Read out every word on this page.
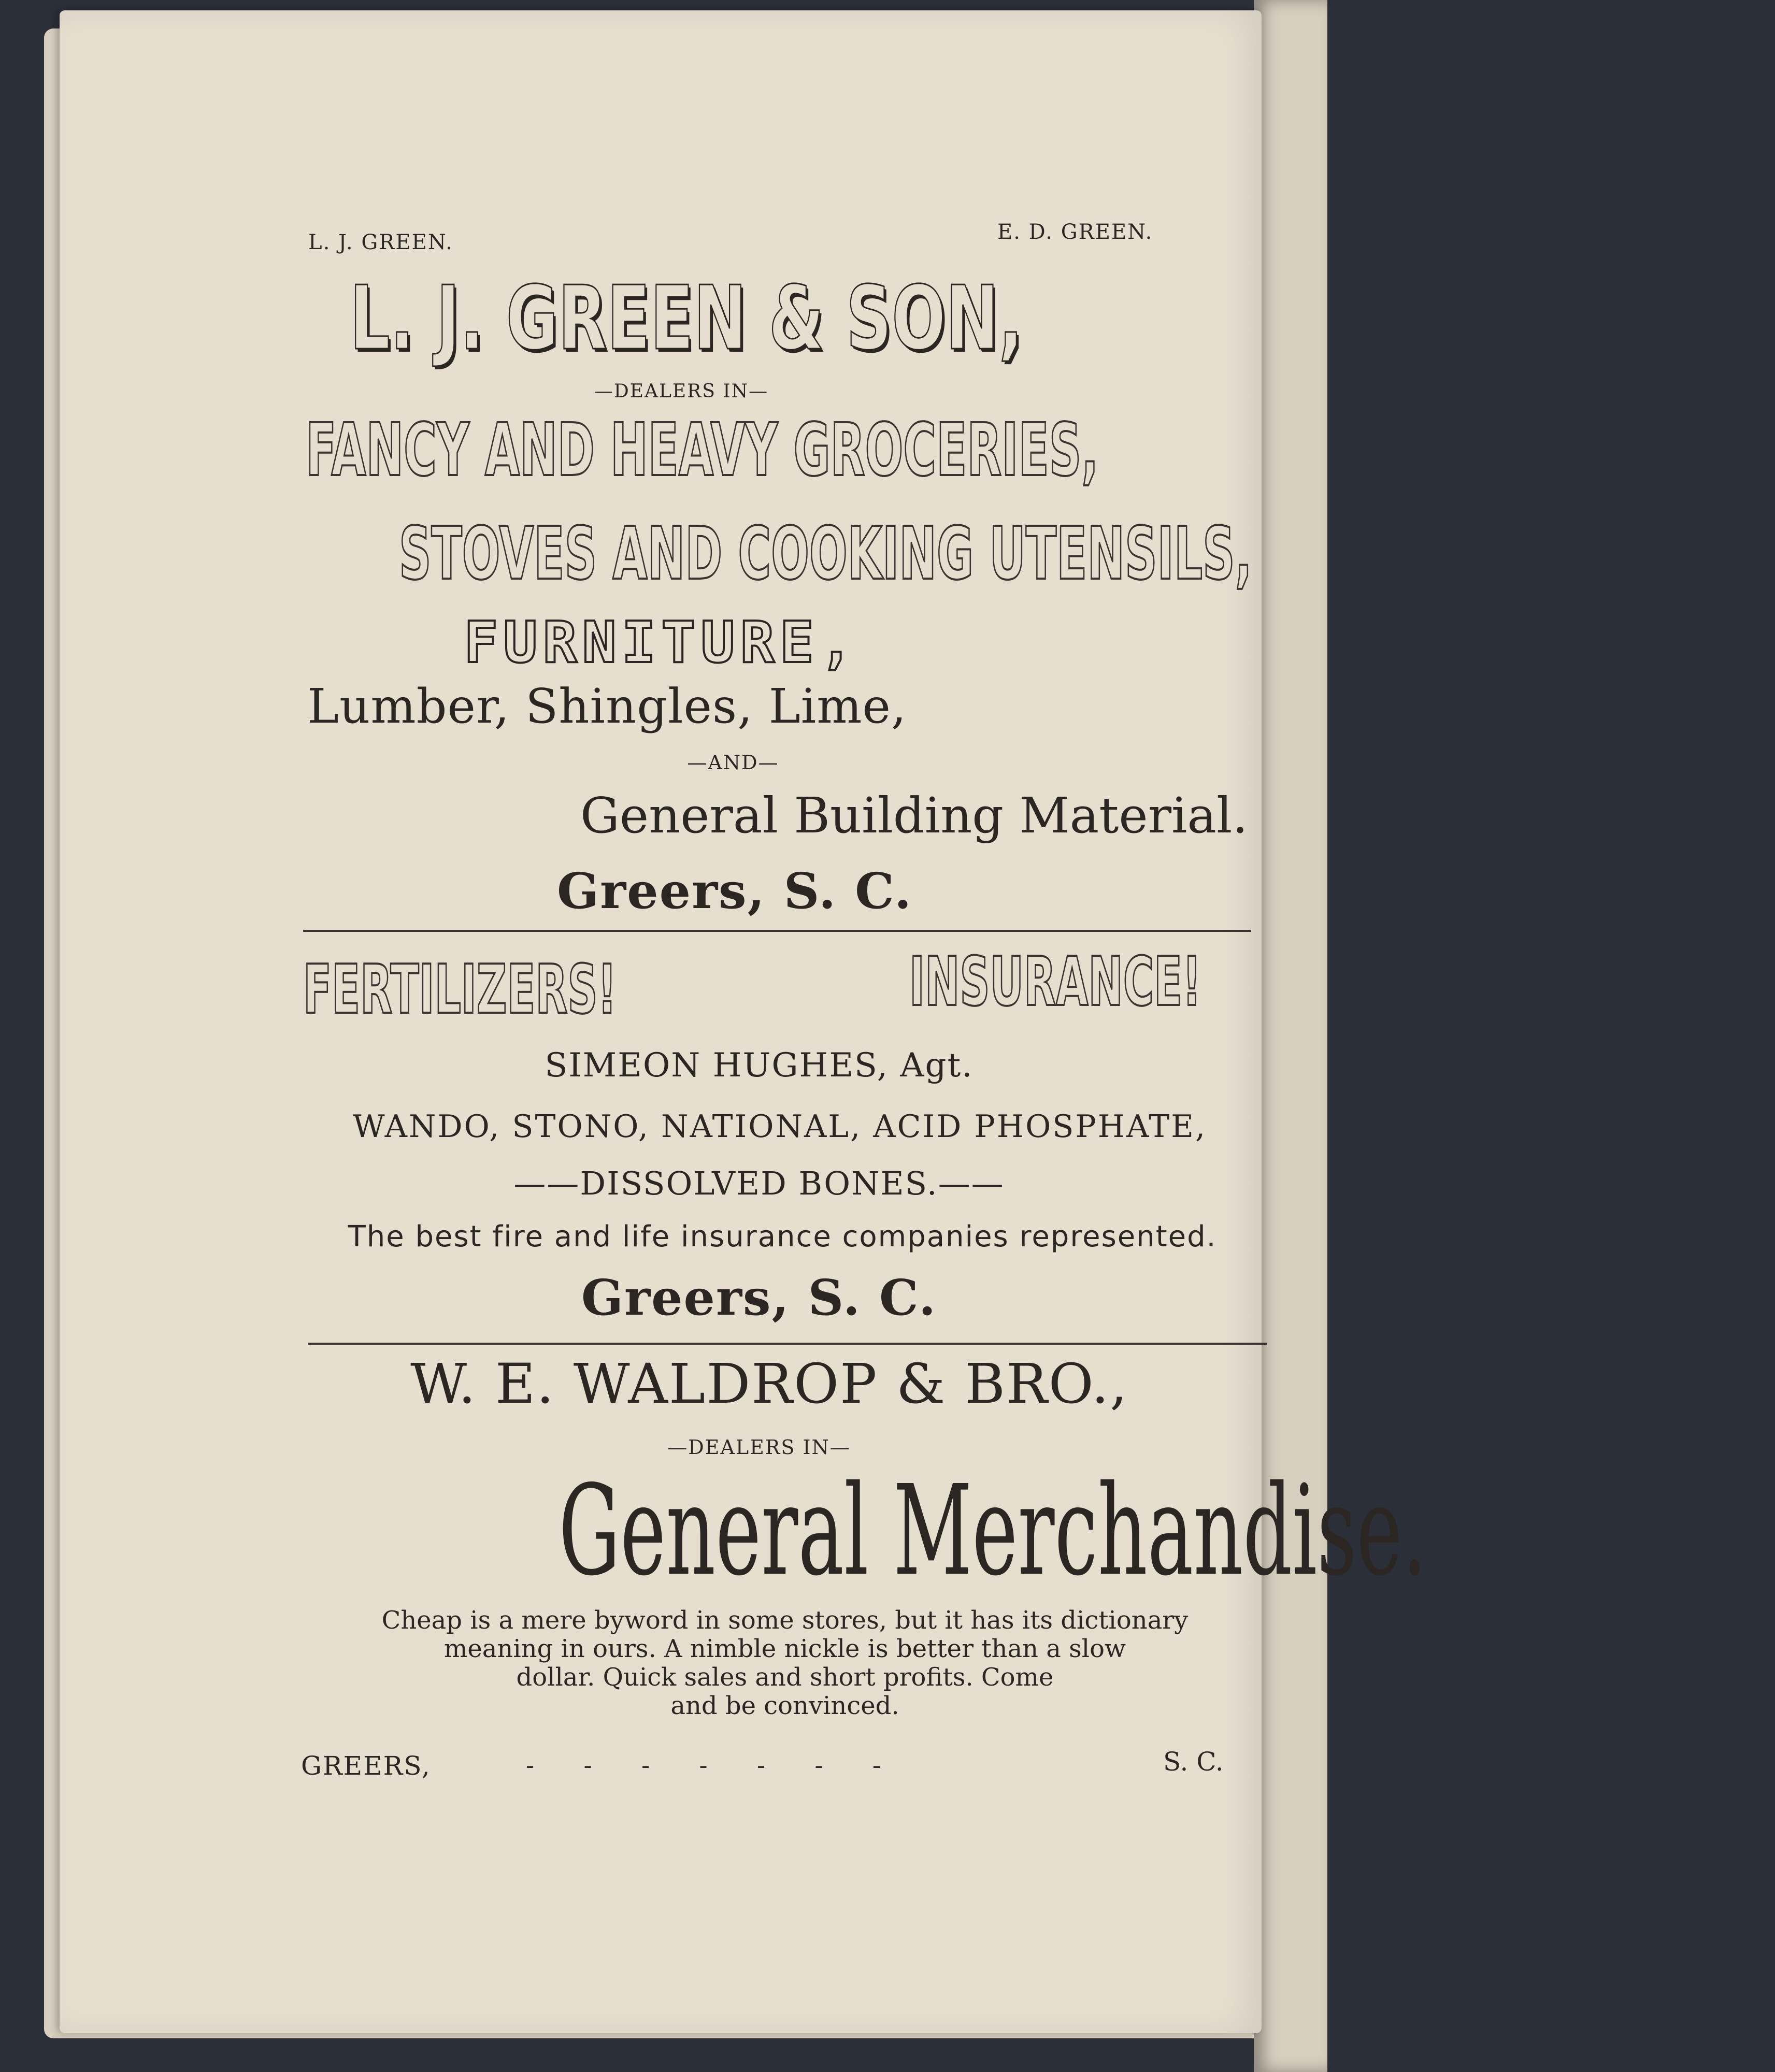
L. J. GREEN.	E. D. GREEN.
L. J. GREEN & SON,
—DEALERS IN—
FANCY AND HEAVY GROCERIES,
STOVES AND COOKING UTENSILS,
FURNITURE,
Lumber, Shingles, Lime,
—AND—
General Building Material.
Greers, S. C.
FERTILIZERS!	INSURANCE!
SIMEON HUGHES, Agt.
WANDO, STONO, NATIONAL, ACID PHOSPHATE,
——DISSOLVED BONES.——
The best fire and life insurance companies represented.
Greers, S. C.
W. E. WALDROP & BRO.,
—DEALERS IN—
General Merchandise.
Cheap is a mere byword in some stores, but it has its dictionary
meaning in ours. A nimble nickle is better than a slow
dollar. Quick sales and short profits. Come
and be convinced.
GREERS,	- - - - - - -	S. C.
